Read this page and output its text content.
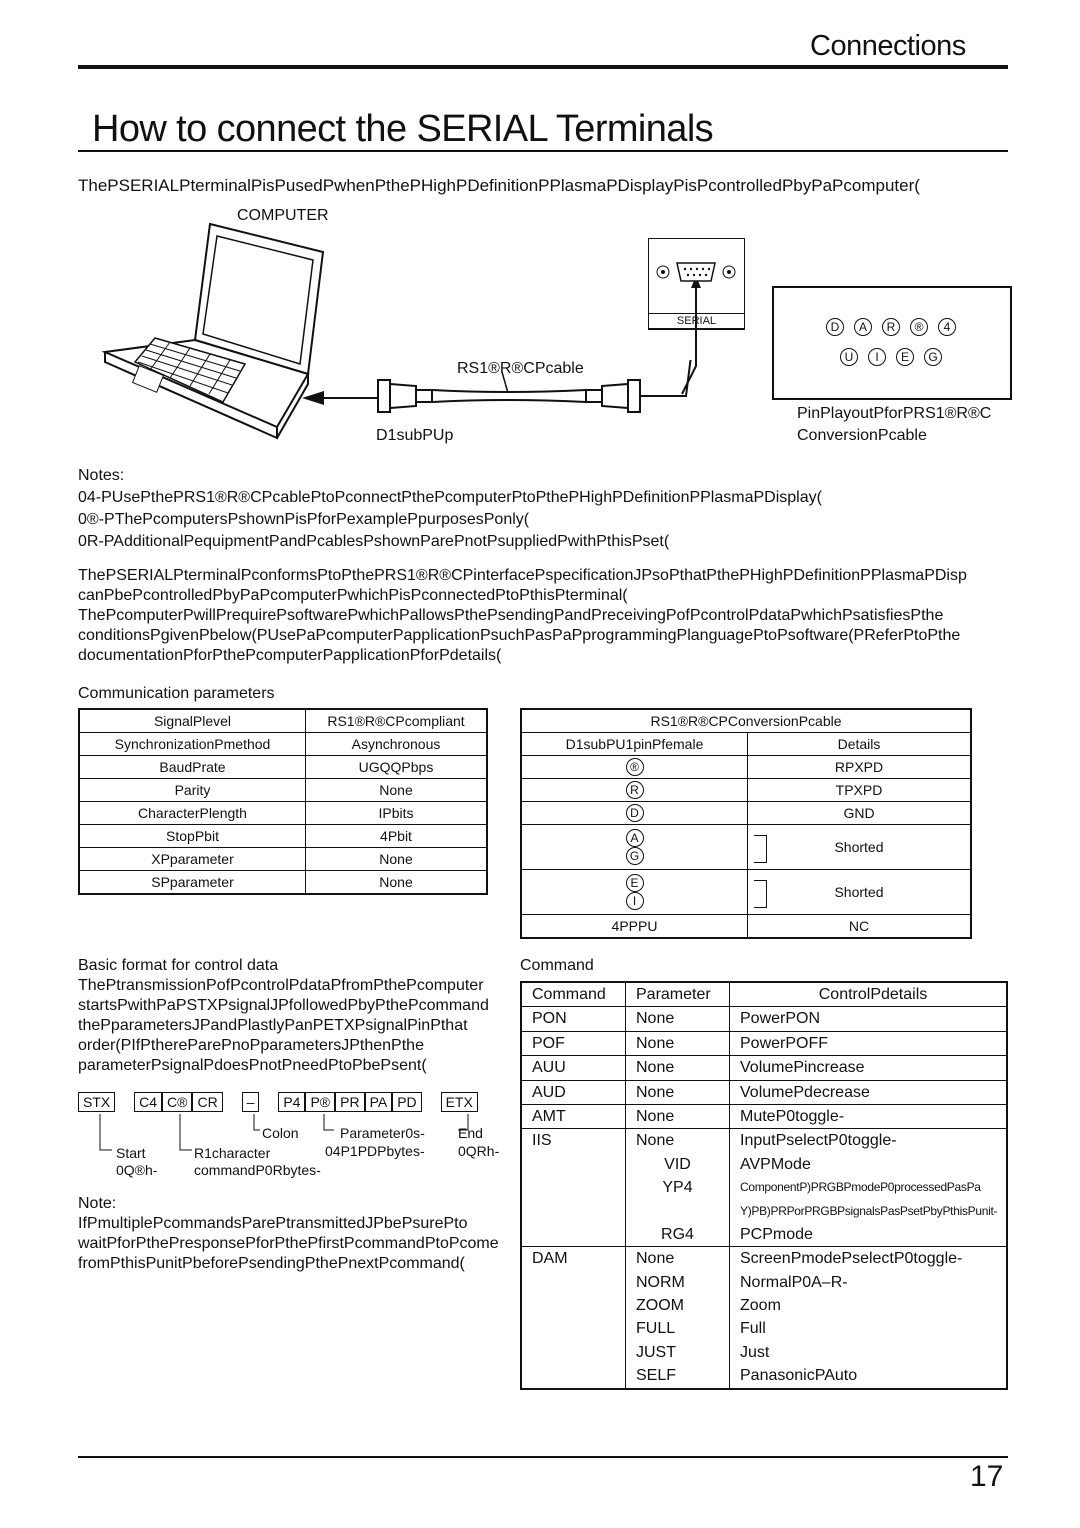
Connections
How to connect the SERIAL Terminals
ThePSERIALPterminalPisPusedPwhenPthePHighPDefinitionPPlasmaPDisplayPisPcontrolledPbyPaPcomputer(
COMPUTER
RS1®R®CPcable
D1subPUp
SERIAL	D A R ® 4
U I E G
PinPlayoutPforPRS1®R®C
ConversionPcable
Notes:
04-PUsePthePRS1®R®CPcablePtoPconnectPthePcomputerPtoPthePHighPDefinitionPPlasmaPDisplay(
0®-PThePcomputersPshownPisPforPexamplePpurposesPonly(
0R-PAdditionalPequipmentPandPcablesPshownParePnotPsuppliedPwithPthisPset(
ThePSERIALPterminalPconformsPtoPthePRS1®R®CPinterfacePspecificationJPsoPthatPthePHighPDefinitionPPlasmaPDisp
canPbePcontrolledPbyPaPcomputerPwhichPisPconnectedPtoPthisPterminal(
ThePcomputerPwillPrequirePsoftwarePwhichPallowsPthePsendingPandPreceivingPofPcontrolPdataPwhichPsatisfiesPthe
conditionsPgivenPbelow(PUsePaPcomputerPapplicationPsuchPasPaPprogrammingPlanguagePtoPsoftware(PReferPtoPthe
documentationPforPthePcomputerPapplicationPforPdetails(
Communication parameters
SignalPlevel	RS1®R®CPcompliant
SynchronizationPmethod	Asynchronous
BaudPrate	UGQQPbps
Parity	None
CharacterPlength	IPbits
StopPbit	4Pbit
XPparameter	None
SPparameter	None
RS1®R®CPConversionPcable	
D1subPU1pinPfemale	Details
®	RPXPD
R	TPXPD
D	GND
A
G	Shorted
E
I	Shorted
4PPPU	NC
Basic format for control data
ThePtransmissionPofPcontrolPdataPfromPthePcomputer
startsPwithPaPSTXPsignalJPfollowedPbyPthePcommand
thePparametersJPandPlastlyPanPETXPsignalPinPthat
order(PIfPthereParePnoPparametersJPthenPthe
parameterPsignalPdoesPnotPneedPtoPbePsent(
STX C4 C® CR – P4 P® PR PA PD ETX
Colon	Parameter0s- End
Start	R1character	04P1PDPbytes- 0QRh-
0Q®h-	commandP0Rbytes-
Note:
IfPmultiplePcommandsParePtransmittedJPbePsurePto
waitPforPthePresponsePforPthePfirstPcommandPtoPcome
fromPthisPunitPbeforePsendingPthePnextPcommand(
Command
Command	Parameter	ControlPdetails
PON	None	PowerPON
POF	None	PowerPOFF
AUU	None	VolumePincrease
AUD	None	VolumePdecrease
AMT	None	MuteP0toggle-
IIS	None	InputPselectP0toggle-
	VID	AVPMode
	YP4	ComponentP)PRGBPmodeP0processedPasPa
		Y)PB)PRPorPRGBPsignalsPasPsetPbyPthisPunit-
	RG4	PCPmode
DAM	None	ScreenPmodePselectP0toggle-
	NORM	NormalP0A–R-
	ZOOM	Zoom
	FULL	Full
	JUST	Just
	SELF	PanasonicPAuto
17
